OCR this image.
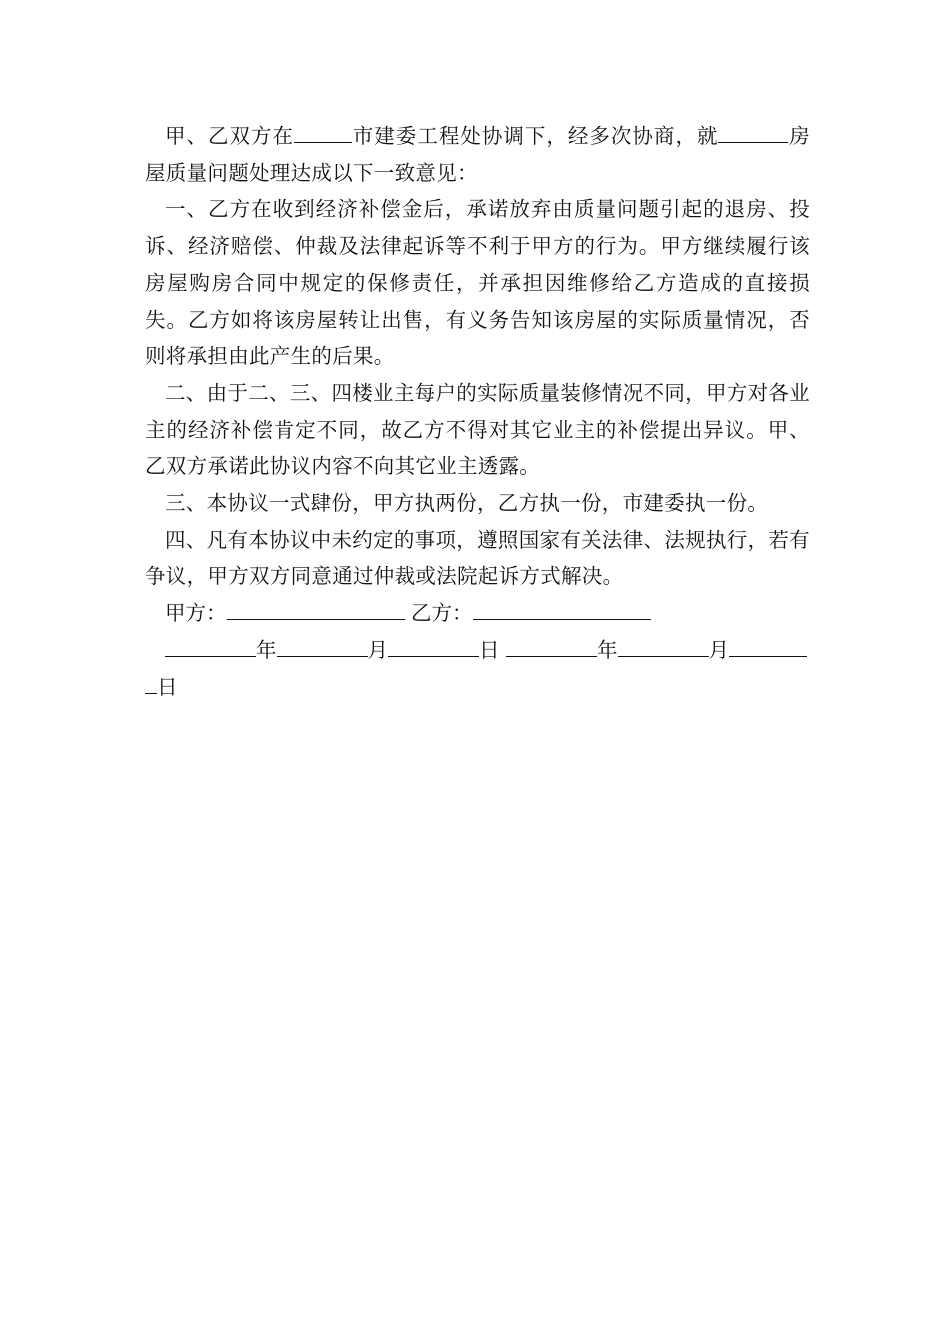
甲、乙双方在	市建委工程处协调下，经多次协商，就	房屋质量问题处理达成以下一致意见：

一、乙方在收到经济补偿金后，承诺放弃由质量问题引起的退房、投诉、经济赔偿、仲裁及法律起诉等不利于甲方的行为。甲方继续履行该房屋购房合同中规定的保修责任，并承担因维修给乙方造成的直接损失。乙方如将该房屋转让出售，有义务告知该房屋的实际质量情况，否则将承担由此产生的后果。

二、由于二、三、四楼业主每户的实际质量装修情况不同，甲方对各业主的经济补偿肯定不同，故乙方不得对其它业主的补偿提出异议。甲、乙双方承诺此协议内容不向其它业主透露。

三、本协议一式肆份，甲方执两份，乙方执一份，市建委执一份。

四、凡有本协议中未约定的事项，遵照国家有关法律、法规执行，若有争议，甲方双方同意通过仲裁或法院起诉方式解决。

甲方：	乙方：

年	月	日	年	月

日
